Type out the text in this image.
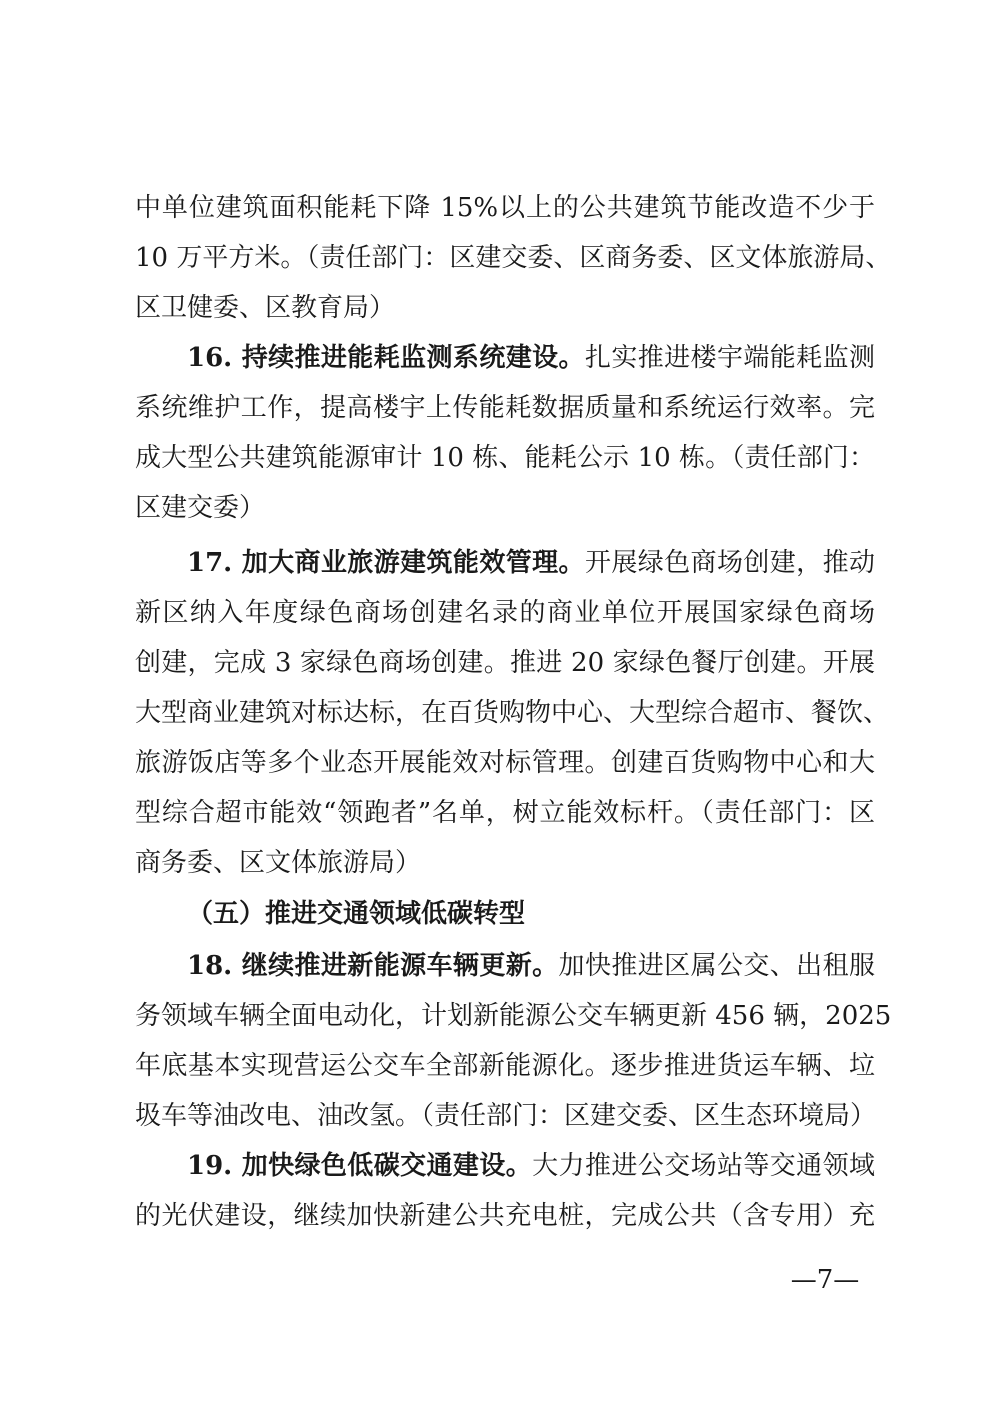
中单位建筑面积能耗下降 15%以上的公共建筑节能改造不少于
10 万平方米。（责任部门：区建交委、区商务委、区文体旅游局、
区卫健委、区教育局）
16. 持续推进能耗监测系统建设。扎实推进楼宇端能耗监测
系统维护工作，提高楼宇上传能耗数据质量和系统运行效率。完
成大型公共建筑能源审计 10 栋、能耗公示 10 栋。（责任部门：
区建交委）
17. 加大商业旅游建筑能效管理。开展绿色商场创建，推动
新区纳入年度绿色商场创建名录的商业单位开展国家绿色商场
创建，完成 3 家绿色商场创建。推进 20 家绿色餐厅创建。开展
大型商业建筑对标达标，在百货购物中心、大型综合超市、餐饮、
旅游饭店等多个业态开展能效对标管理。创建百货购物中心和大
型综合超市能效“领跑者”名单，树立能效标杆。（责任部门：区
商务委、区文体旅游局）
（五）推进交通领域低碳转型
18. 继续推进新能源车辆更新。加快推进区属公交、出租服
务领域车辆全面电动化，计划新能源公交车辆更新 456 辆，2025
年底基本实现营运公交车全部新能源化。逐步推进货运车辆、垃
圾车等油改电、油改氢。（责任部门：区建交委、区生态环境局）
19. 加快绿色低碳交通建设。大力推进公交场站等交通领域
的光伏建设，继续加快新建公共充电桩，完成公共（含专用）充
—7—
